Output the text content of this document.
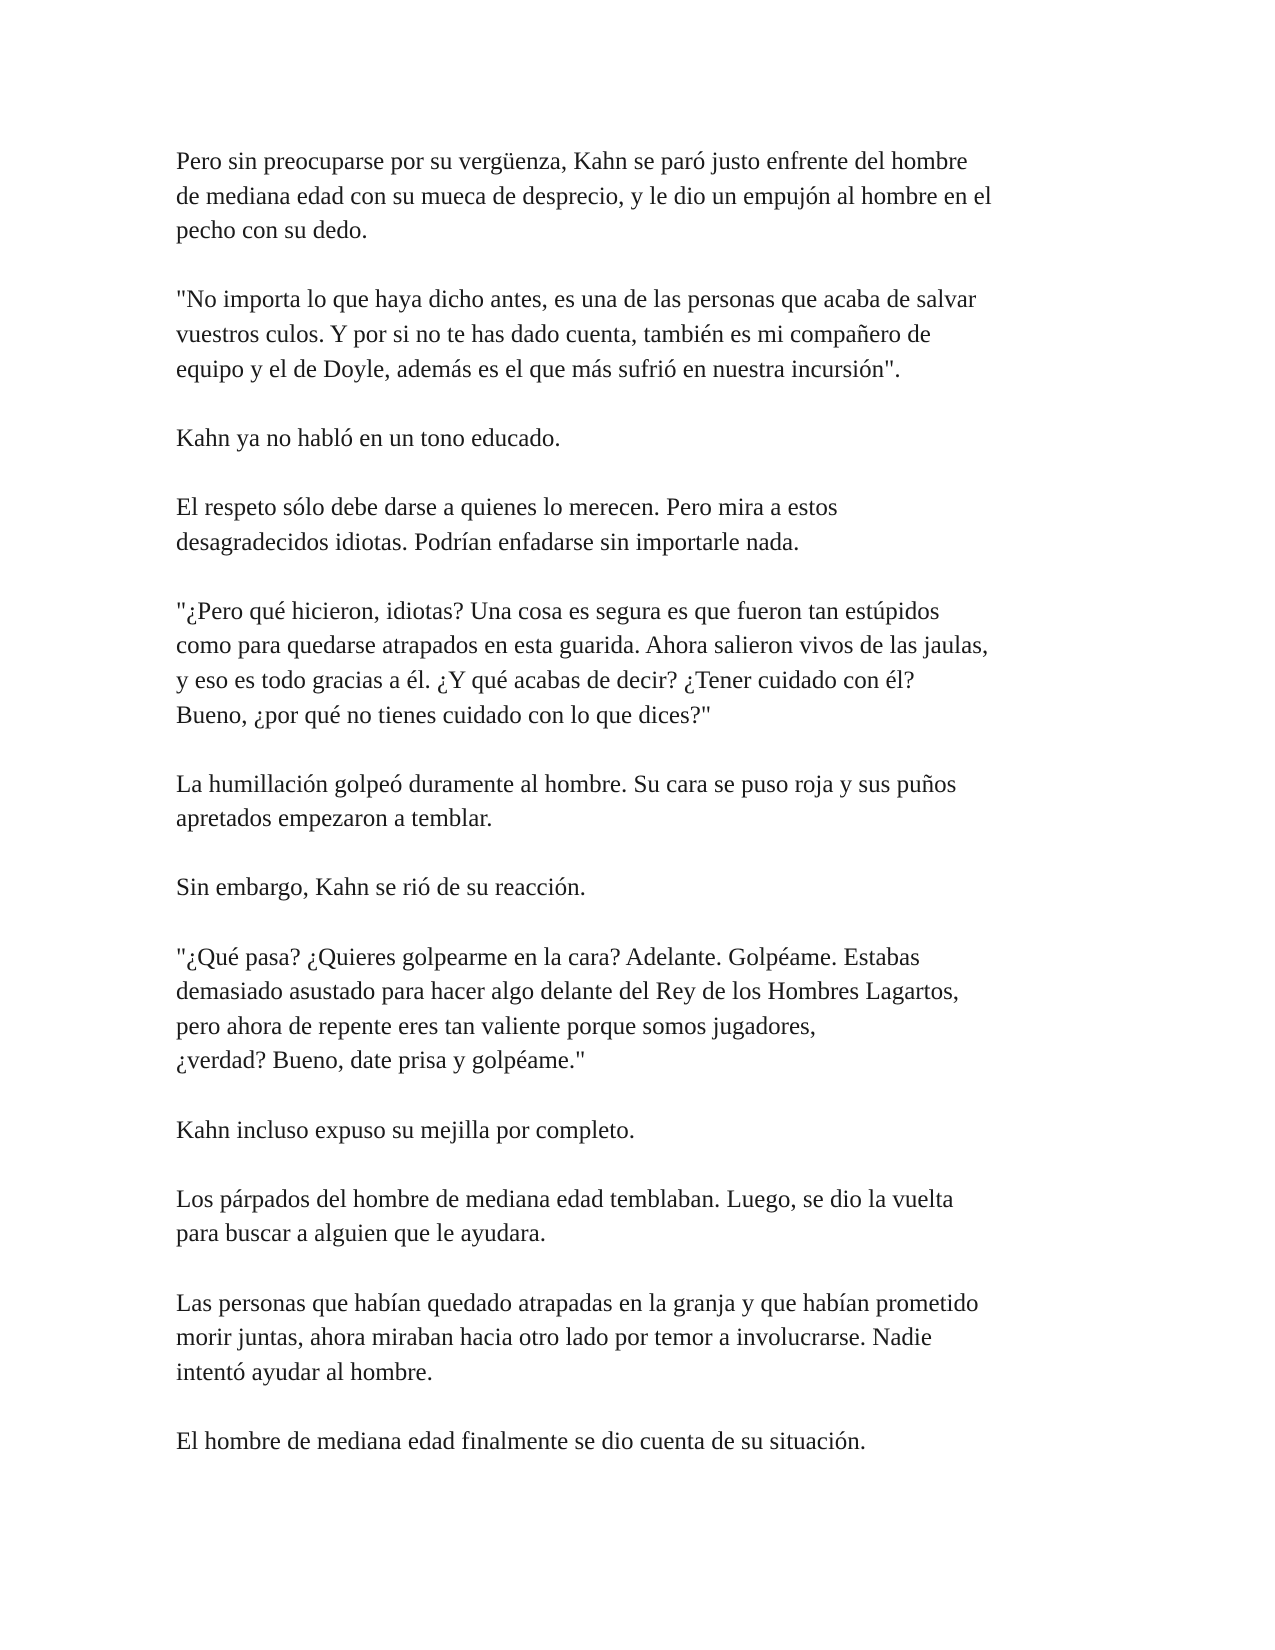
Pero sin preocuparse por su vergüenza, Kahn se paró justo enfrente del hombre
de mediana edad con su mueca de desprecio, y le dio un empujón al hombre en el
pecho con su dedo.

"No importa lo que haya dicho antes, es una de las personas que acaba de salvar
vuestros culos. Y por si no te has dado cuenta, también es mi compañero de
equipo y el de Doyle, además es el que más sufrió en nuestra incursión".

Kahn ya no habló en un tono educado.

El respeto sólo debe darse a quienes lo merecen. Pero mira a estos
desagradecidos idiotas. Podrían enfadarse sin importarle nada.

"¿Pero qué hicieron, idiotas? Una cosa es segura es que fueron tan estúpidos
como para quedarse atrapados en esta guarida. Ahora salieron vivos de las jaulas,
y eso es todo gracias a él. ¿Y qué acabas de decir? ¿Tener cuidado con él?
Bueno, ¿por qué no tienes cuidado con lo que dices?"

La humillación golpeó duramente al hombre. Su cara se puso roja y sus puños
apretados empezaron a temblar.

Sin embargo, Kahn se rió de su reacción.

"¿Qué pasa? ¿Quieres golpearme en la cara? Adelante. Golpéame. Estabas
demasiado asustado para hacer algo delante del Rey de los Hombres Lagartos,
pero ahora de repente eres tan valiente porque somos jugadores,
¿verdad? Bueno, date prisa y golpéame."

Kahn incluso expuso su mejilla por completo.

Los párpados del hombre de mediana edad temblaban. Luego, se dio la vuelta
para buscar a alguien que le ayudara.

Las personas que habían quedado atrapadas en la granja y que habían prometido
morir juntas, ahora miraban hacia otro lado por temor a involucrarse. Nadie
intentó ayudar al hombre.

El hombre de mediana edad finalmente se dio cuenta de su situación.
